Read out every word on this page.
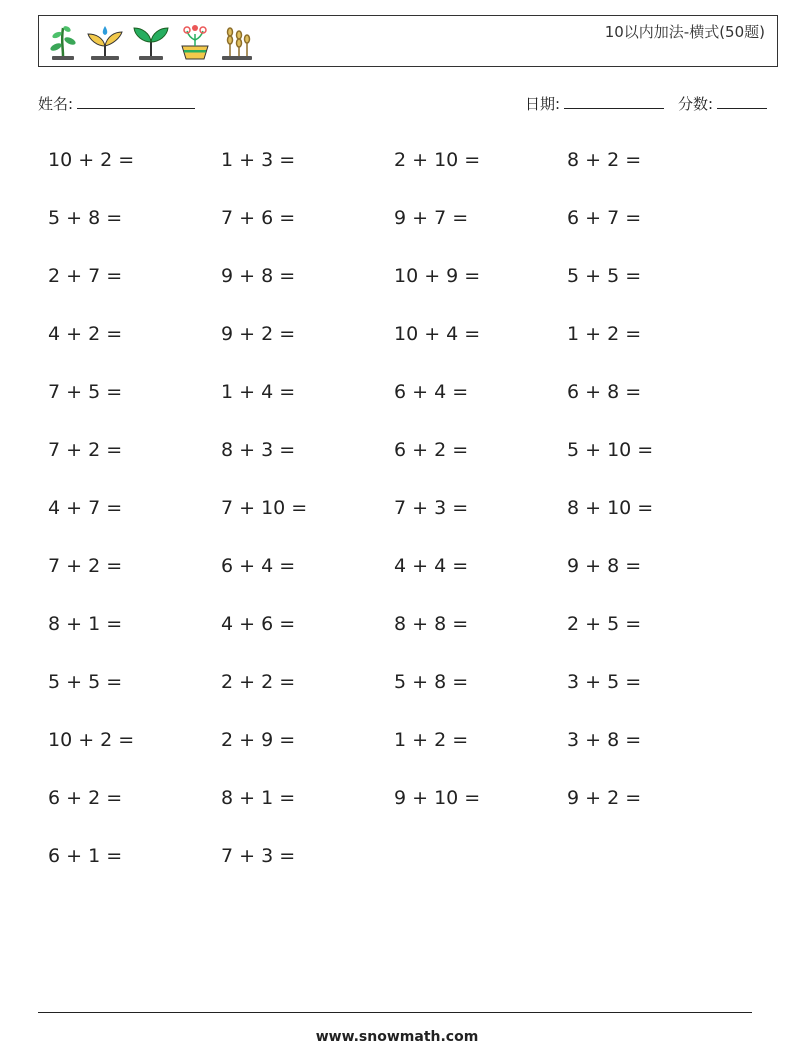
10以内加法-横式(50题)
姓名:	日期:	分数:
10 + 2 =	1 + 3 =	2 + 10 =	8 + 2 =
5 + 8 =	7 + 6 =	9 + 7 =	6 + 7 =
2 + 7 =	9 + 8 =	10 + 9 =	5 + 5 =
4 + 2 =	9 + 2 =	10 + 4 =	1 + 2 =
7 + 5 =	1 + 4 =	6 + 4 =	6 + 8 =
7 + 2 =	8 + 3 =	6 + 2 =	5 + 10 =
4 + 7 =	7 + 10 =	7 + 3 =	8 + 10 =
7 + 2 =	6 + 4 =	4 + 4 =	9 + 8 =
8 + 1 =	4 + 6 =	8 + 8 =	2 + 5 =
5 + 5 =	2 + 2 =	5 + 8 =	3 + 5 =
10 + 2 =	2 + 9 =	1 + 2 =	3 + 8 =
6 + 2 =	8 + 1 =	9 + 10 =	9 + 2 =
6 + 1 =	7 + 3 =
www.snowmath.com
